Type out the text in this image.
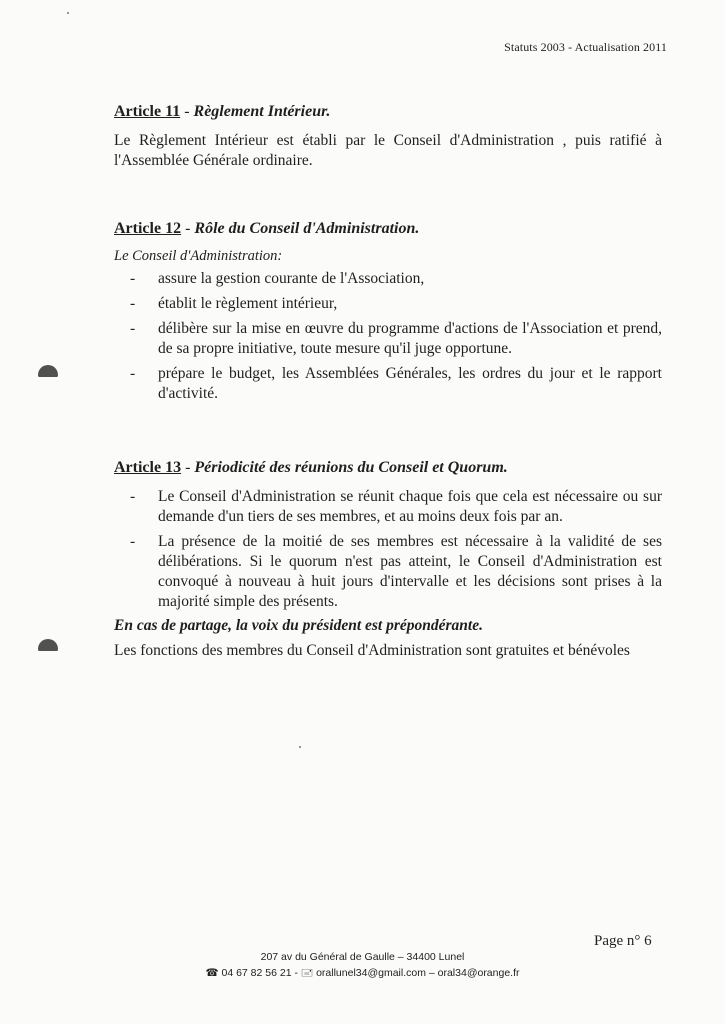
Statuts 2003 - Actualisation 2011

Article 11 - Règlement Intérieur.

Le Règlement Intérieur est établi par le Conseil d'Administration , puis ratifié à l'Assemblée Générale ordinaire.

Article 12 - Rôle du Conseil d'Administration.

Le Conseil d'Administration:

- assure la gestion courante de l'Association,
- établit le règlement intérieur,
- délibère sur la mise en œuvre du programme d'actions de l'Association et prend, de sa propre initiative, toute mesure qu'il juge opportune.
- prépare le budget, les Assemblées Générales, les ordres du jour et le rapport d'activité.

Article 13 - Périodicité des réunions du Conseil et Quorum.

- Le Conseil d'Administration se réunit chaque fois que cela est nécessaire ou sur demande d'un tiers de ses membres, et au moins deux fois par an.
- La présence de la moitié de ses membres est nécessaire à la validité de ses délibérations. Si le quorum n'est pas atteint, le Conseil d'Administration est convoqué à nouveau à huit jours d'intervalle et les décisions sont prises à la majorité simple des présents.

En cas de partage, la voix du président est prépondérante.

Les fonctions des membres du Conseil d'Administration sont gratuites et bénévoles

Page n° 6
207 av du Général de Gaulle – 34400 Lunel
☎ 04 67 82 56 21 - 🖃 orallunel34@gmail.com – oral34@orange.fr
